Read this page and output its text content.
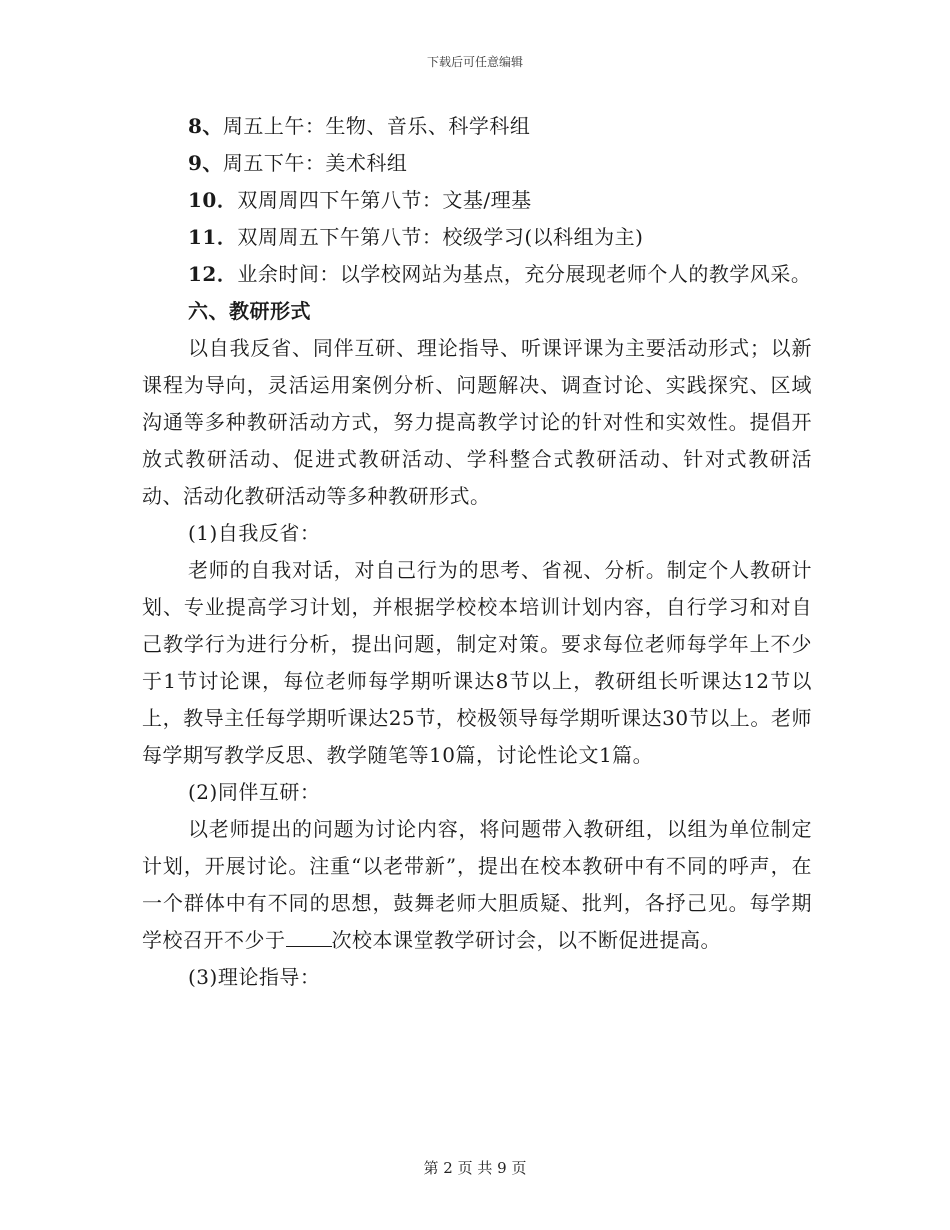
下载后可任意编辑

8、周五上午：生物、音乐、科学科组

9、周五下午：美术科组

10．双周周四下午第八节：文基/理基

11．双周周五下午第八节：校级学习(以科组为主)

12．业余时间：以学校网站为基点，充分展现老师个人的教学风采。

六、教研形式

以自我反省、同伴互研、理论指导、听课评课为主要活动形式；以新课程为导向，灵活运用案例分析、问题解决、调查讨论、实践探究、区域沟通等多种教研活动方式，努力提高教学讨论的针对性和实效性。提倡开放式教研活动、促进式教研活动、学科整合式教研活动、针对式教研活动、活动化教研活动等多种教研形式。

(1)自我反省：

老师的自我对话，对自己行为的思考、省视、分析。制定个人教研计划、专业提高学习计划，并根据学校校本培训计划内容，自行学习和对自己教学行为进行分析，提出问题，制定对策。要求每位老师每学年上不少于1节讨论课，每位老师每学期听课达8节以上，教研组长听课达12节以上，教导主任每学期听课达25节，校极领导每学期听课达30节以上。老师每学期写教学反思、教学随笔等10篇，讨论性论文1篇。

(2)同伴互研：

以老师提出的问题为讨论内容，将问题带入教研组，以组为单位制定计划，开展讨论。注重“以老带新”，提出在校本教研中有不同的呼声，在一个群体中有不同的思想，鼓舞老师大胆质疑、批判，各抒己见。每学期学校召开不少于 次校本课堂教学研讨会，以不断促进提高。

(3)理论指导：

第 2 页 共 9 页
